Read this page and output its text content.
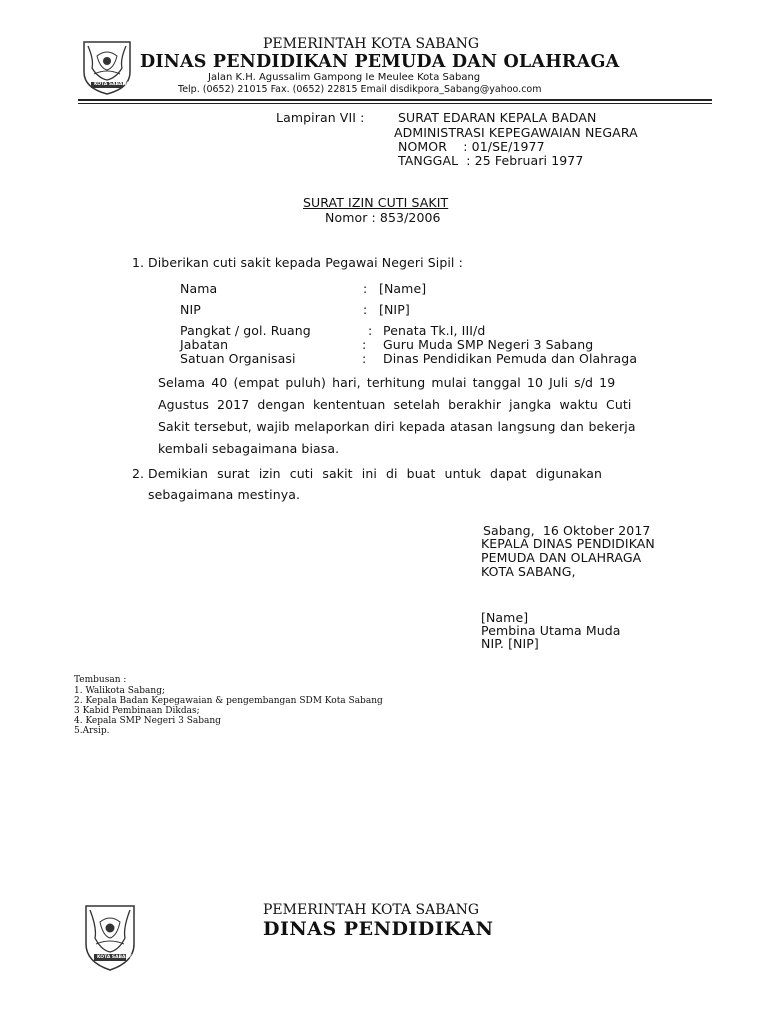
KOTA SABANG
PEMERINTAH KOTA SABANG
DINAS PENDIDIKAN PEMUDA DAN OLAHRAGA
Jalan K.H. Agussalim Gampong Ie Meulee Kota Sabang
Telp. (0652) 21015 Fax. (0652) 22815 Email disdikpora_Sabang@yahoo.com
Lampiran VII :	SURAT EDARAN KEPALA BADAN
ADMINISTRASI KEPEGAWAIAN NEGARA
NOMOR    : 01/SE/1977
TANGGAL  : 25 Februari 1977
SURAT IZIN CUTI SAKIT
Nomor : 853/2006
1. Diberikan cuti sakit kepada Pegawai Negeri Sipil :
Nama	: [Name]
NIP	: [NIP]
Pangkat / gol. Ruang	: Penata Tk.I, III/d
Jabatan	: Guru Muda SMP Negeri 3 Sabang
Satuan Organisasi	: Dinas Pendidikan Pemuda dan Olahraga
Selama 40 (empat puluh) hari, terhitung mulai tanggal 10 Juli s/d 19
Agustus 2017 dengan kententuan setelah berakhir jangka waktu Cuti
Sakit tersebut, wajib melaporkan diri kepada atasan langsung dan bekerja
kembali sebagaimana biasa.
2. Demikian surat izin cuti sakit ini di buat untuk dapat digunakan
sebagaimana mestinya.
Sabang,  16 Oktober 2017
KEPALA DINAS PENDIDIKAN
PEMUDA DAN OLAHRAGA
KOTA SABANG,
[Name]
Pembina Utama Muda
NIP. [NIP]
Tembusan :
1. Walikota Sabang;
2. Kepala Badan Kepegawaian & pengembangan SDM Kota Sabang
3 Kabid Pembinaan Dikdas;
4. Kepala SMP Negeri 3 Sabang
5.Arsip.
KOTA SABANG
PEMERINTAH KOTA SABANG
DINAS PENDIDIKAN
